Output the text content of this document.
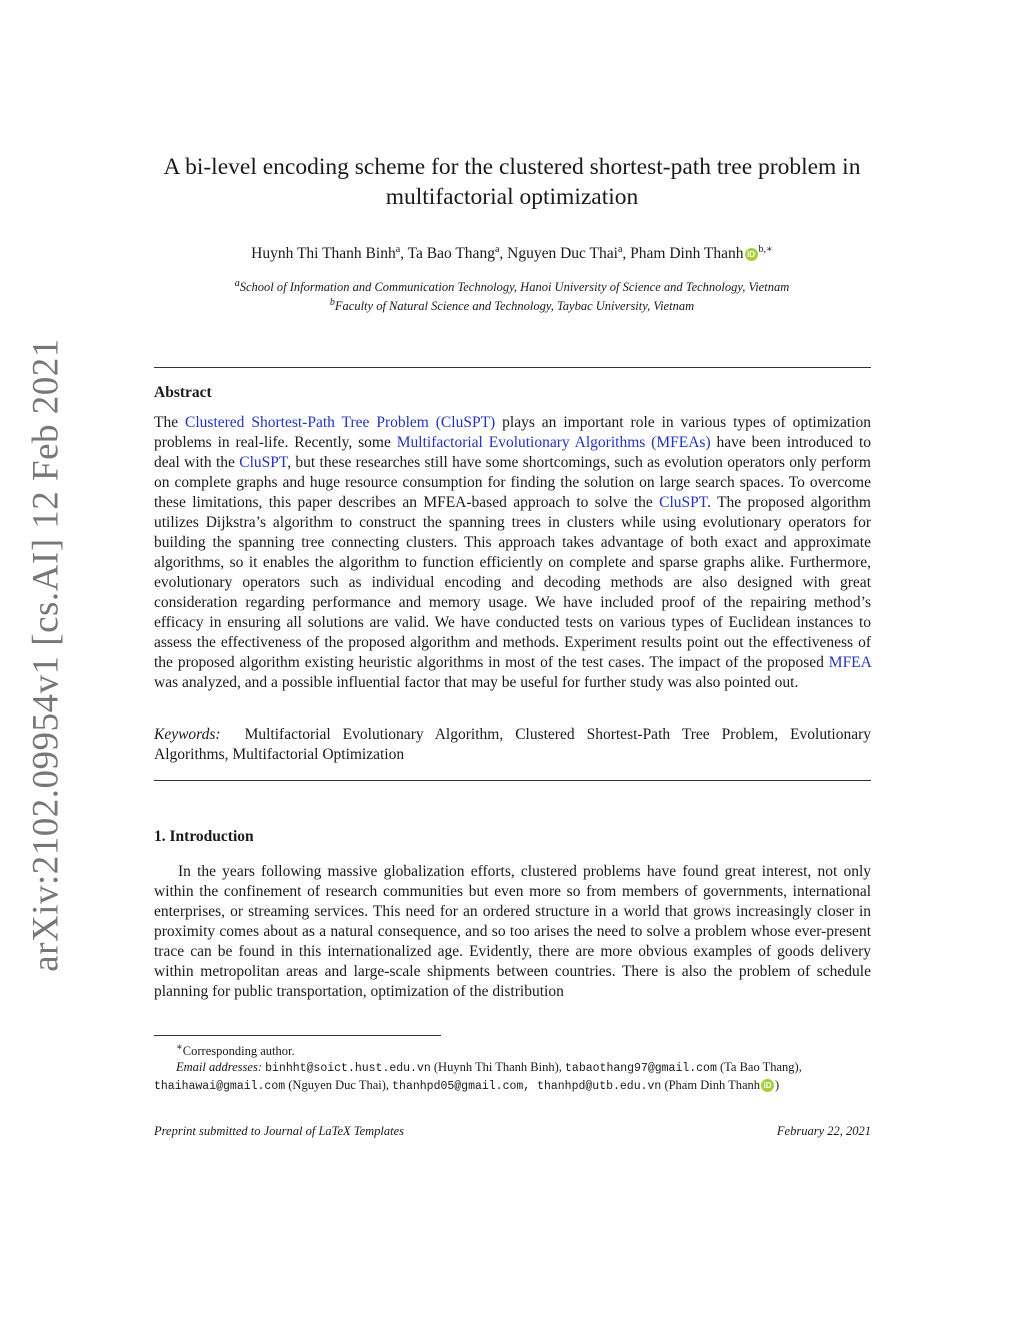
arXiv:2102.09954v1 [cs.AI] 12 Feb 2021
A bi-level encoding scheme for the clustered shortest-path tree problem in multifactorial optimization
Huynh Thi Thanh Binh$^a$, Ta Bao Thang$^a$, Nguyen Duc Thai$^a$, Pham Dinh Thanh iD $^{b,∗}$
$^a$School of Information and Communication Technology, Hanoi University of Science and Technology, Vietnam
$^b$Faculty of Natural Science and Technology, Taybac University, Vietnam
Abstract
The Clustered Shortest-Path Tree Problem (CluSPT) plays an important role in various types of optimization problems in real-life. Recently, some Multifactorial Evolutionary Algorithms (MFEAs) have been introduced to deal with the CluSPT, but these researches still have some shortcomings, such as evolution operators only perform on complete graphs and huge resource consumption for finding the solution on large search spaces. To overcome these limitations, this paper describes an MFEA-based approach to solve the CluSPT. The proposed algorithm utilizes Dijkstra’s algorithm to construct the spanning trees in clusters while using evolutionary operators for building the spanning tree connecting clusters. This approach takes advantage of both exact and approximate algorithms, so it enables the algorithm to function efficiently on complete and sparse graphs alike. Furthermore, evolutionary operators such as individual encoding and decoding methods are also designed with great consideration regarding performance and memory usage. We have included proof of the repairing method’s efficacy in ensuring all solutions are valid. We have conducted tests on various types of Euclidean instances to assess the effectiveness of the proposed algorithm and methods. Experiment results point out the effectiveness of the proposed algorithm existing heuristic algorithms in most of the test cases. The impact of the proposed MFEA was analyzed, and a possible influential factor that may be useful for further study was also pointed out.
Keywords: Multifactorial Evolutionary Algorithm, Clustered Shortest-Path Tree Problem, Evolutionary Algorithms, Multifactorial Optimization
1. Introduction

In the years following massive globalization efforts, clustered problems have found great interest, not only within the confinement of research communities but even more so from members of governments, international enterprises, or streaming services. This need for an ordered structure in a world that grows increasingly closer in proximity comes about as a natural consequence, and so too arises the need to solve a problem whose ever-present trace can be found in this internationalized age. Evidently, there are more obvious examples of goods delivery within metropolitan areas and large-scale shipments between countries. There is also the problem of schedule planning for public transportation, optimization of the distribution

∗Corresponding author.
Email addresses: binhht@soict.hust.edu.vn (Huynh Thi Thanh Binh), tabaothang97@gmail.com (Ta Bao Thang),
thaihawai@gmail.com (Nguyen Duc Thai), thanhpd05@gmail.com, thanhpd@utb.edu.vn (Pham Dinh Thanh iD )
Preprint submitted to Journal of LaTeX Templates	February 22, 2021
